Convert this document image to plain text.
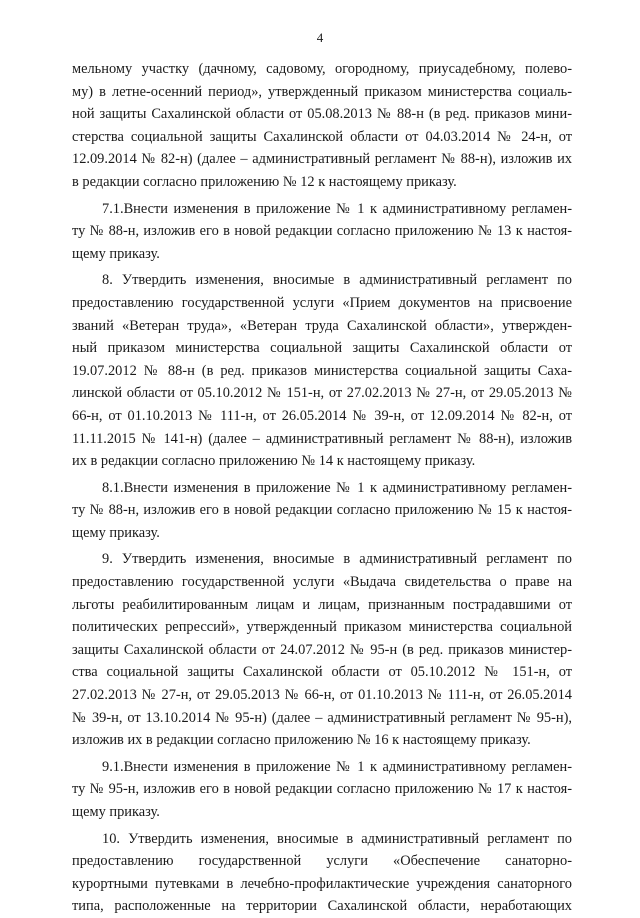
4
мельному участку (дачному, садовому, огородному, приусадебному, полево-
му) в летне-осенний период», утвержденный приказом министерства социаль-
ной защиты Сахалинской области от 05.08.2013 № 88-н (в ред. приказов мини-
стерства социальной защиты Сахалинской области от 04.03.2014 № 24-н, от
12.09.2014 № 82-н) (далее – административный регламент № 88-н), изложив их
в редакции согласно приложению № 12 к настоящему приказу.
7.1.Внести изменения в приложение № 1 к административному регламен-
ту № 88-н, изложив его в новой редакции согласно приложению № 13 к настоя-
щему приказу.
8. Утвердить изменения, вносимые в административный регламент по
предоставлению государственной услуги «Прием документов на присвоение
званий «Ветеран труда», «Ветеран труда Сахалинской области», утвержден-
ный приказом министерства социальной защиты Сахалинской области от
19.07.2012 № 88-н (в ред. приказов министерства социальной защиты Саха-
линской области от 05.10.2012 № 151-н, от 27.02.2013 № 27-н, от 29.05.2013 №
66-н, от 01.10.2013 № 111-н, от 26.05.2014 № 39-н, от 12.09.2014 № 82-н, от
11.11.2015 № 141-н) (далее – административный регламент № 88-н), изложив
их в редакции согласно приложению № 14 к настоящему приказу.
8.1.Внести изменения в приложение № 1 к административному регламен-
ту № 88-н, изложив его в новой редакции согласно приложению № 15 к настоя-
щему приказу.
9. Утвердить изменения, вносимые в административный регламент по
предоставлению государственной услуги «Выдача свидетельства о праве на
льготы реабилитированным лицам и лицам, признанным пострадавшими от
политических репрессий», утвержденный приказом министерства социальной
защиты Сахалинской области от 24.07.2012 № 95-н (в ред. приказов министер-
ства социальной защиты Сахалинской области от 05.10.2012 № 151-н, от
27.02.2013 № 27-н, от 29.05.2013 № 66-н, от 01.10.2013 № 111-н, от 26.05.2014
№ 39-н, от 13.10.2014 № 95-н) (далее – административный регламент № 95-н),
изложив их в редакции согласно приложению № 16 к настоящему приказу.
9.1.Внести изменения в приложение № 1 к административному регламен-
ту № 95-н, изложив его в новой редакции согласно приложению № 17 к настоя-
щему приказу.
10. Утвердить изменения, вносимые в административный регламент по
предоставлению государственной услуги «Обеспечение санаторно-
курортными путевками в лечебно-профилактические учреждения санаторного
типа, расположенные на территории Сахалинской области, неработающих
